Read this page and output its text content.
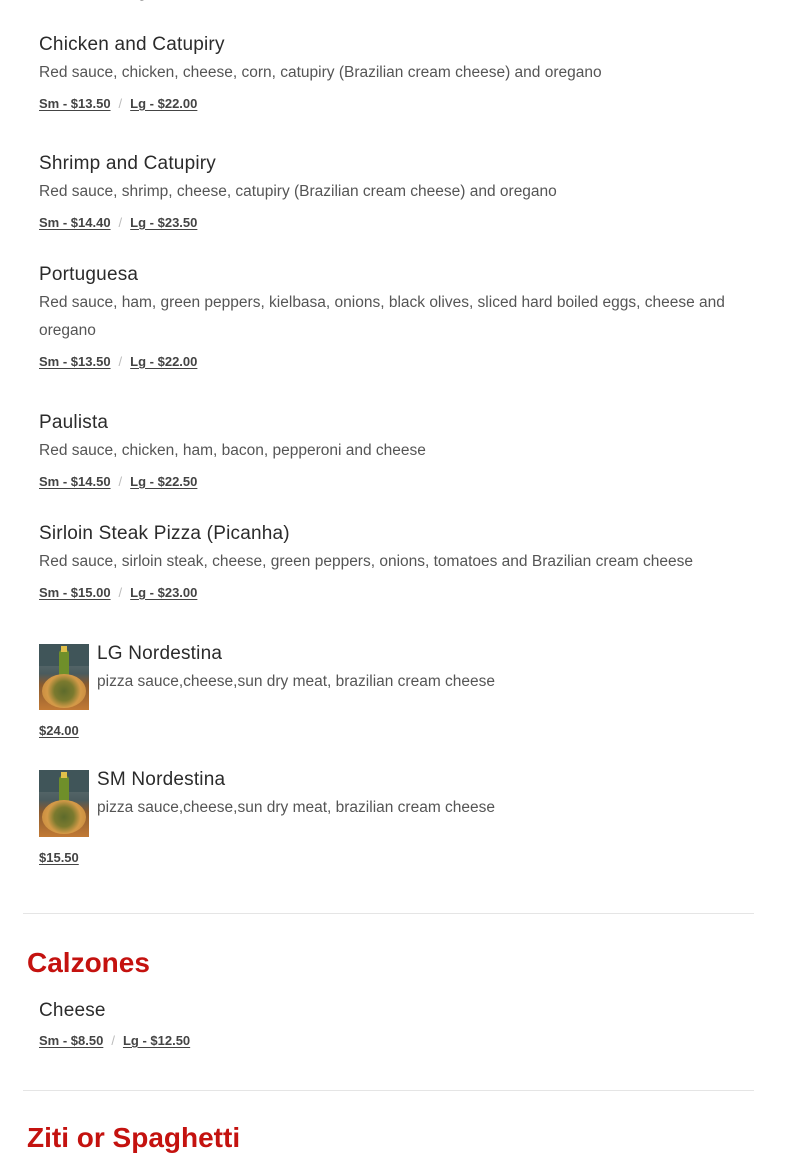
Chicken and Catupiry
Red sauce, chicken, cheese, corn, catupiry (Brazilian cream cheese) and oregano
Sm - $13.50 / Lg - $22.00
Shrimp and Catupiry
Red sauce, shrimp, cheese, catupiry (Brazilian cream cheese) and oregano
Sm - $14.40 / Lg - $23.50
Portuguesa
Red sauce, ham, green peppers, kielbasa, onions, black olives, sliced hard boiled eggs, cheese and oregano
Sm - $13.50 / Lg - $22.00
Paulista
Red sauce, chicken, ham, bacon, pepperoni and cheese
Sm - $14.50 / Lg - $22.50
Sirloin Steak Pizza (Picanha)
Red sauce, sirloin steak, cheese, green peppers, onions, tomatoes and Brazilian cream cheese
Sm - $15.00 / Lg - $23.00
LG Nordestina
pizza sauce,cheese,sun dry meat, brazilian cream cheese
$24.00
SM Nordestina
pizza sauce,cheese,sun dry meat, brazilian cream cheese
$15.50
Calzones
Cheese
Sm - $8.50 / Lg - $12.50
Ziti or Spaghetti
